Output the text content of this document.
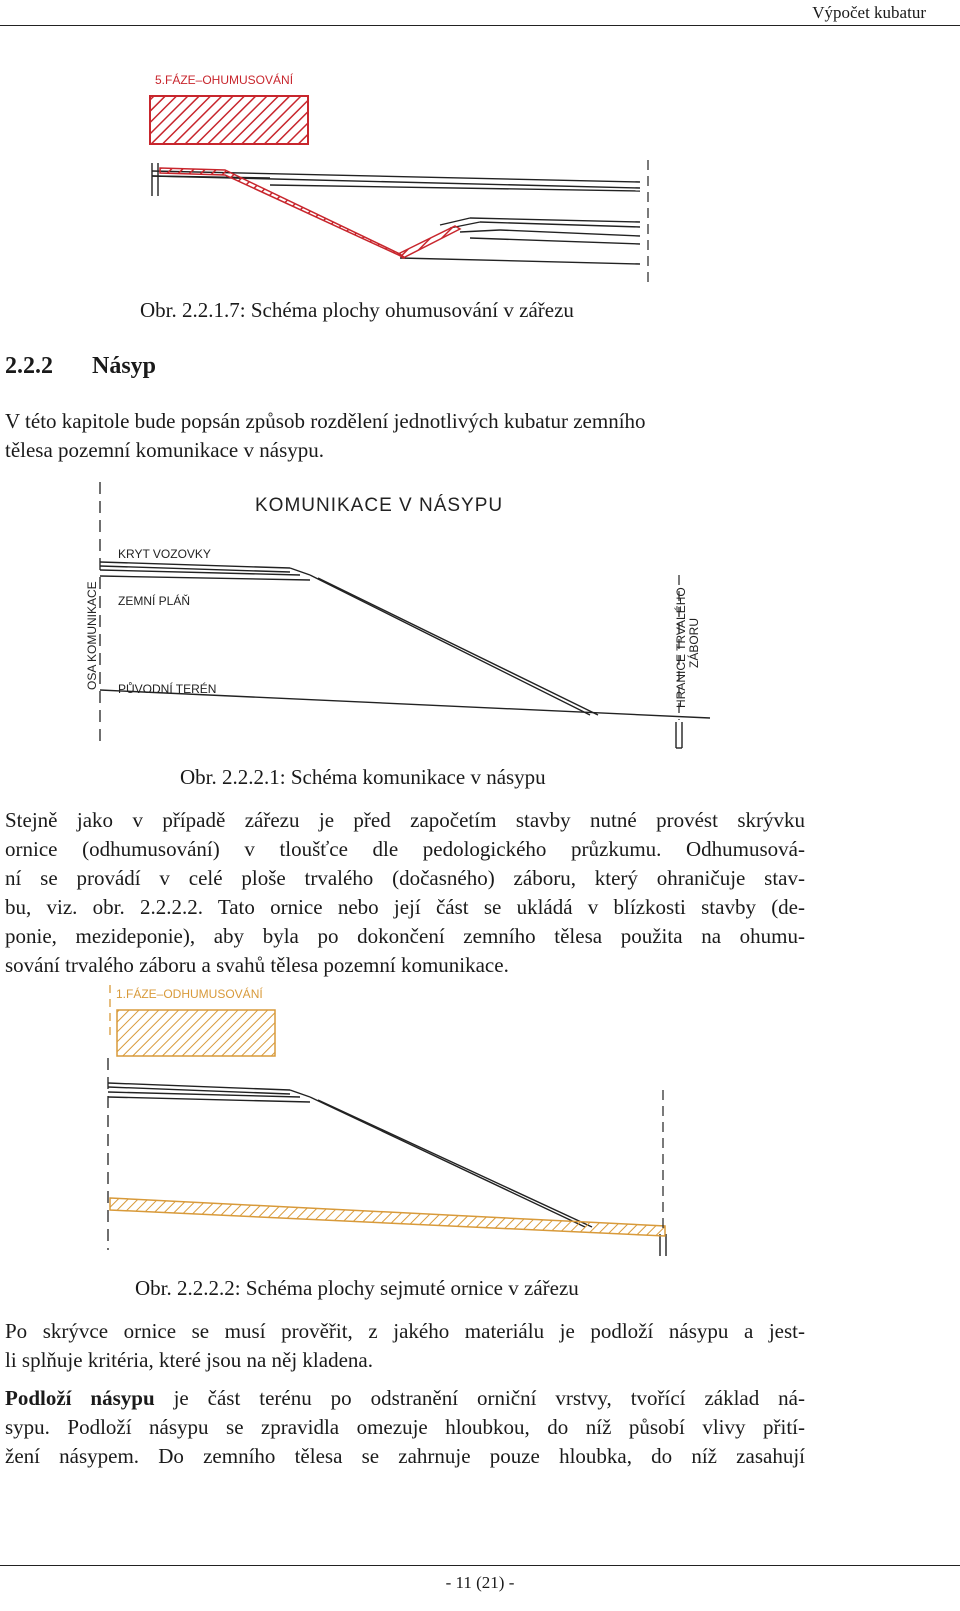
Výpočet kubatur
5.FÁZE–OHUMUSOVÁNÍ
Obr. 2.2.1.7: Schéma plochy ohumusování v zářezu
2.2.2 Násyp
V této kapitole bude popsán způsob rozdělení jednotlivých kubatur zemního
tělesa pozemní komunikace v násypu.
KOMUNIKACE V NÁSYPU
KRYT VOZOVKY
ZEMNÍ PLÁŇ
PŮVODNÍ TERÉN
OSA KOMUNIKACE	HRANICE TRVALÉHO ZÁBORU
Obr. 2.2.2.1: Schéma komunikace v násypu
Stejně jako v případě zářezu je před započetím stavby nutné provést skrývku
ornice (odhumusování) v tloušťce dle pedologického průzkumu. Odhumusová-
ní se provádí v celé ploše trvalého (dočasného) záboru, který ohraničuje stav-
bu, viz. obr. 2.2.2.2. Tato ornice nebo její část se ukládá v blízkosti stavby (de-
ponie, mezideponie), aby byla po dokončení zemního tělesa použita na ohumu-
sování trvalého záboru a svahů tělesa pozemní komunikace.
1.FÁZE–ODHUMUSOVÁNÍ
Obr. 2.2.2.2: Schéma plochy sejmuté ornice v zářezu
Po skrývce ornice se musí prověřit, z jakého materiálu je podloží násypu a jest-
li splňuje kritéria, které jsou na něj kladena.
Podloží násypu je část terénu po odstranění orniční vrstvy, tvořící základ ná-
sypu. Podloží násypu se zpravidla omezuje hloubkou, do níž působí vlivy přití-
žení násypem. Do zemního tělesa se zahrnuje pouze hloubka, do níž zasahují
- 11 (21) -
